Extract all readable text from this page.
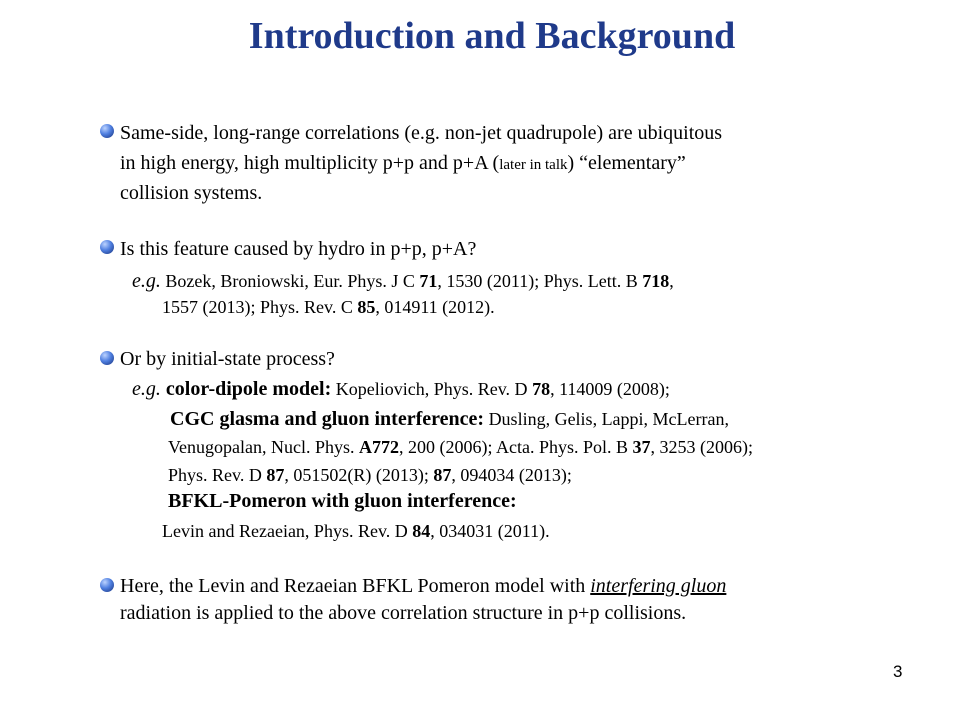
Introduction and Background
Same-side, long-range correlations (e.g. non-jet quadrupole) are ubiquitous
in high energy, high multiplicity p+p and p+A (later in talk) “elementary”
collision systems.
Is this feature caused by hydro in p+p, p+A?
e.g. Bozek, Broniowski, Eur. Phys. J C 71, 1530 (2011); Phys. Lett. B 718,
1557 (2013); Phys. Rev. C 85, 014911 (2012).
Or by initial-state process?
e.g. color-dipole model: Kopeliovich, Phys. Rev. D 78, 114009 (2008);
CGC glasma and gluon interference: Dusling, Gelis, Lappi, McLerran,
Venugopalan, Nucl. Phys. A772, 200 (2006); Acta. Phys. Pol. B 37, 3253 (2006);
Phys. Rev. D 87, 051502(R) (2013); 87, 094034 (2013);
BFKL-Pomeron with gluon interference:
Levin and Rezaeian, Phys. Rev. D 84, 034031 (2011).
Here, the Levin and Rezaeian BFKL Pomeron model with interfering gluon
radiation is applied to the above correlation structure in p+p collisions.
3
